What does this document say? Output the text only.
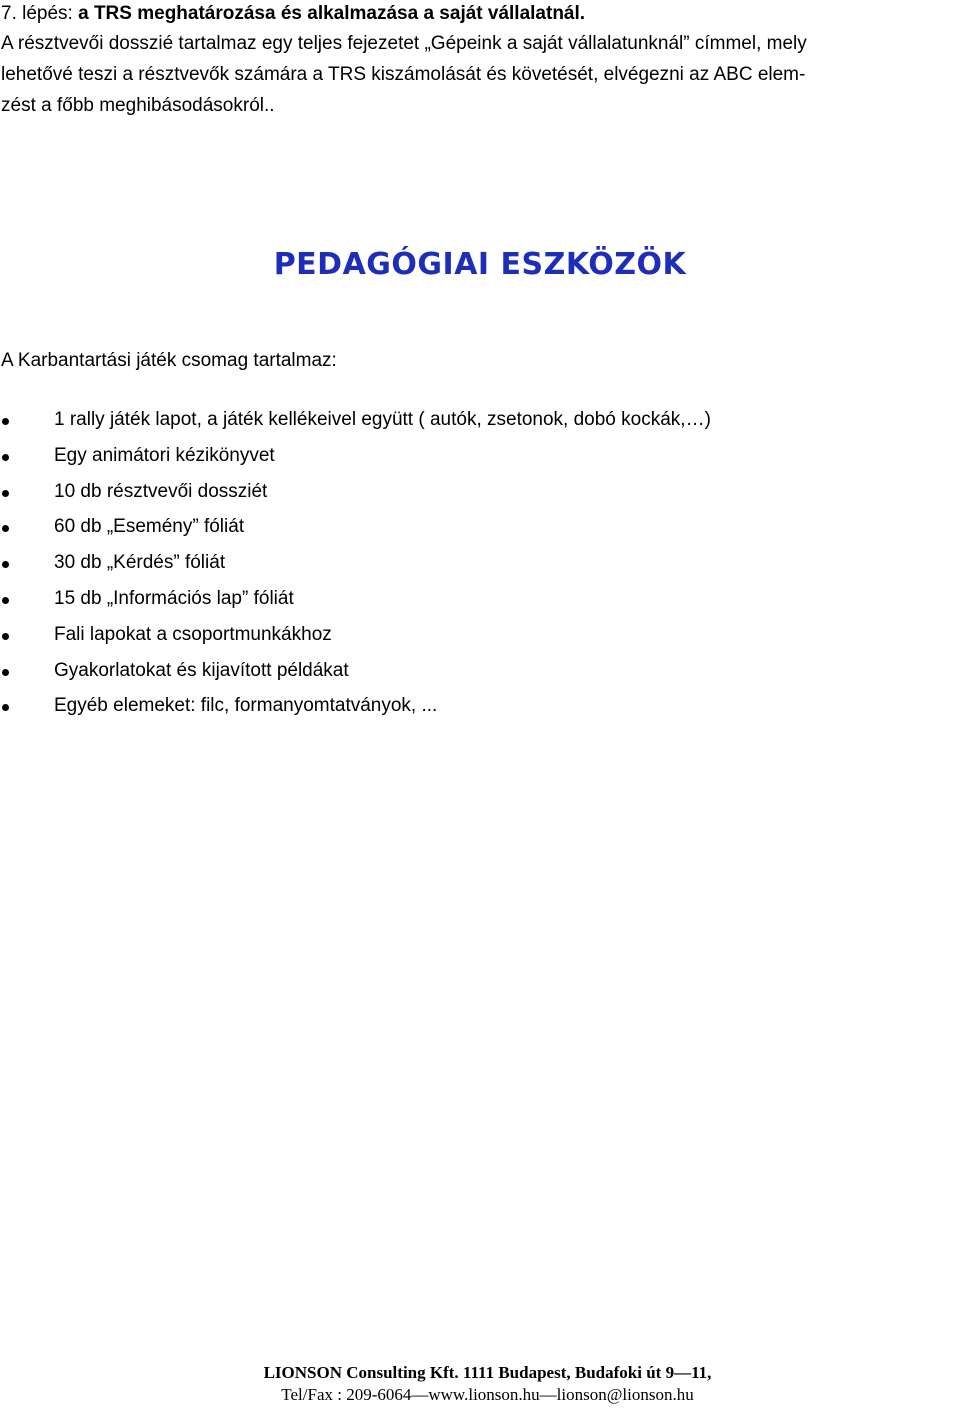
7. lépés: a TRS meghatározása és alkalmazása a saját vállalatnál.

A résztvevői dosszié tartalmaz egy teljes fejezetet „Gépeink a saját vállalatunknál” címmel, mely
lehetővé teszi a résztvevők számára a TRS kiszámolását és követését, elvégezni az ABC elem-
zést a főbb meghibásodásokról..

PEDAGÓGIAI ESZKÖZÖK

A Karbantartási játék csomag tartalmaz:

1 rally játék lapot, a játék kellékeivel együtt ( autók, zsetonok, dobó kockák,…)
Egy animátori kézikönyvet
10 db résztvevői dossziét
60 db „Esemény” fóliát
30 db „Kérdés” fóliát
15 db „Információs lap” fóliát
Fali lapokat a csoportmunkákhoz
Gyakorlatokat és kijavított példákat
Egyéb elemeket: filc, formanyomtatványok, ...
LIONSON Consulting Kft. 1111 Budapest, Budafoki út 9—11,
Tel/Fax : 209-6064—www.lionson.hu—lionson@lionson.hu
